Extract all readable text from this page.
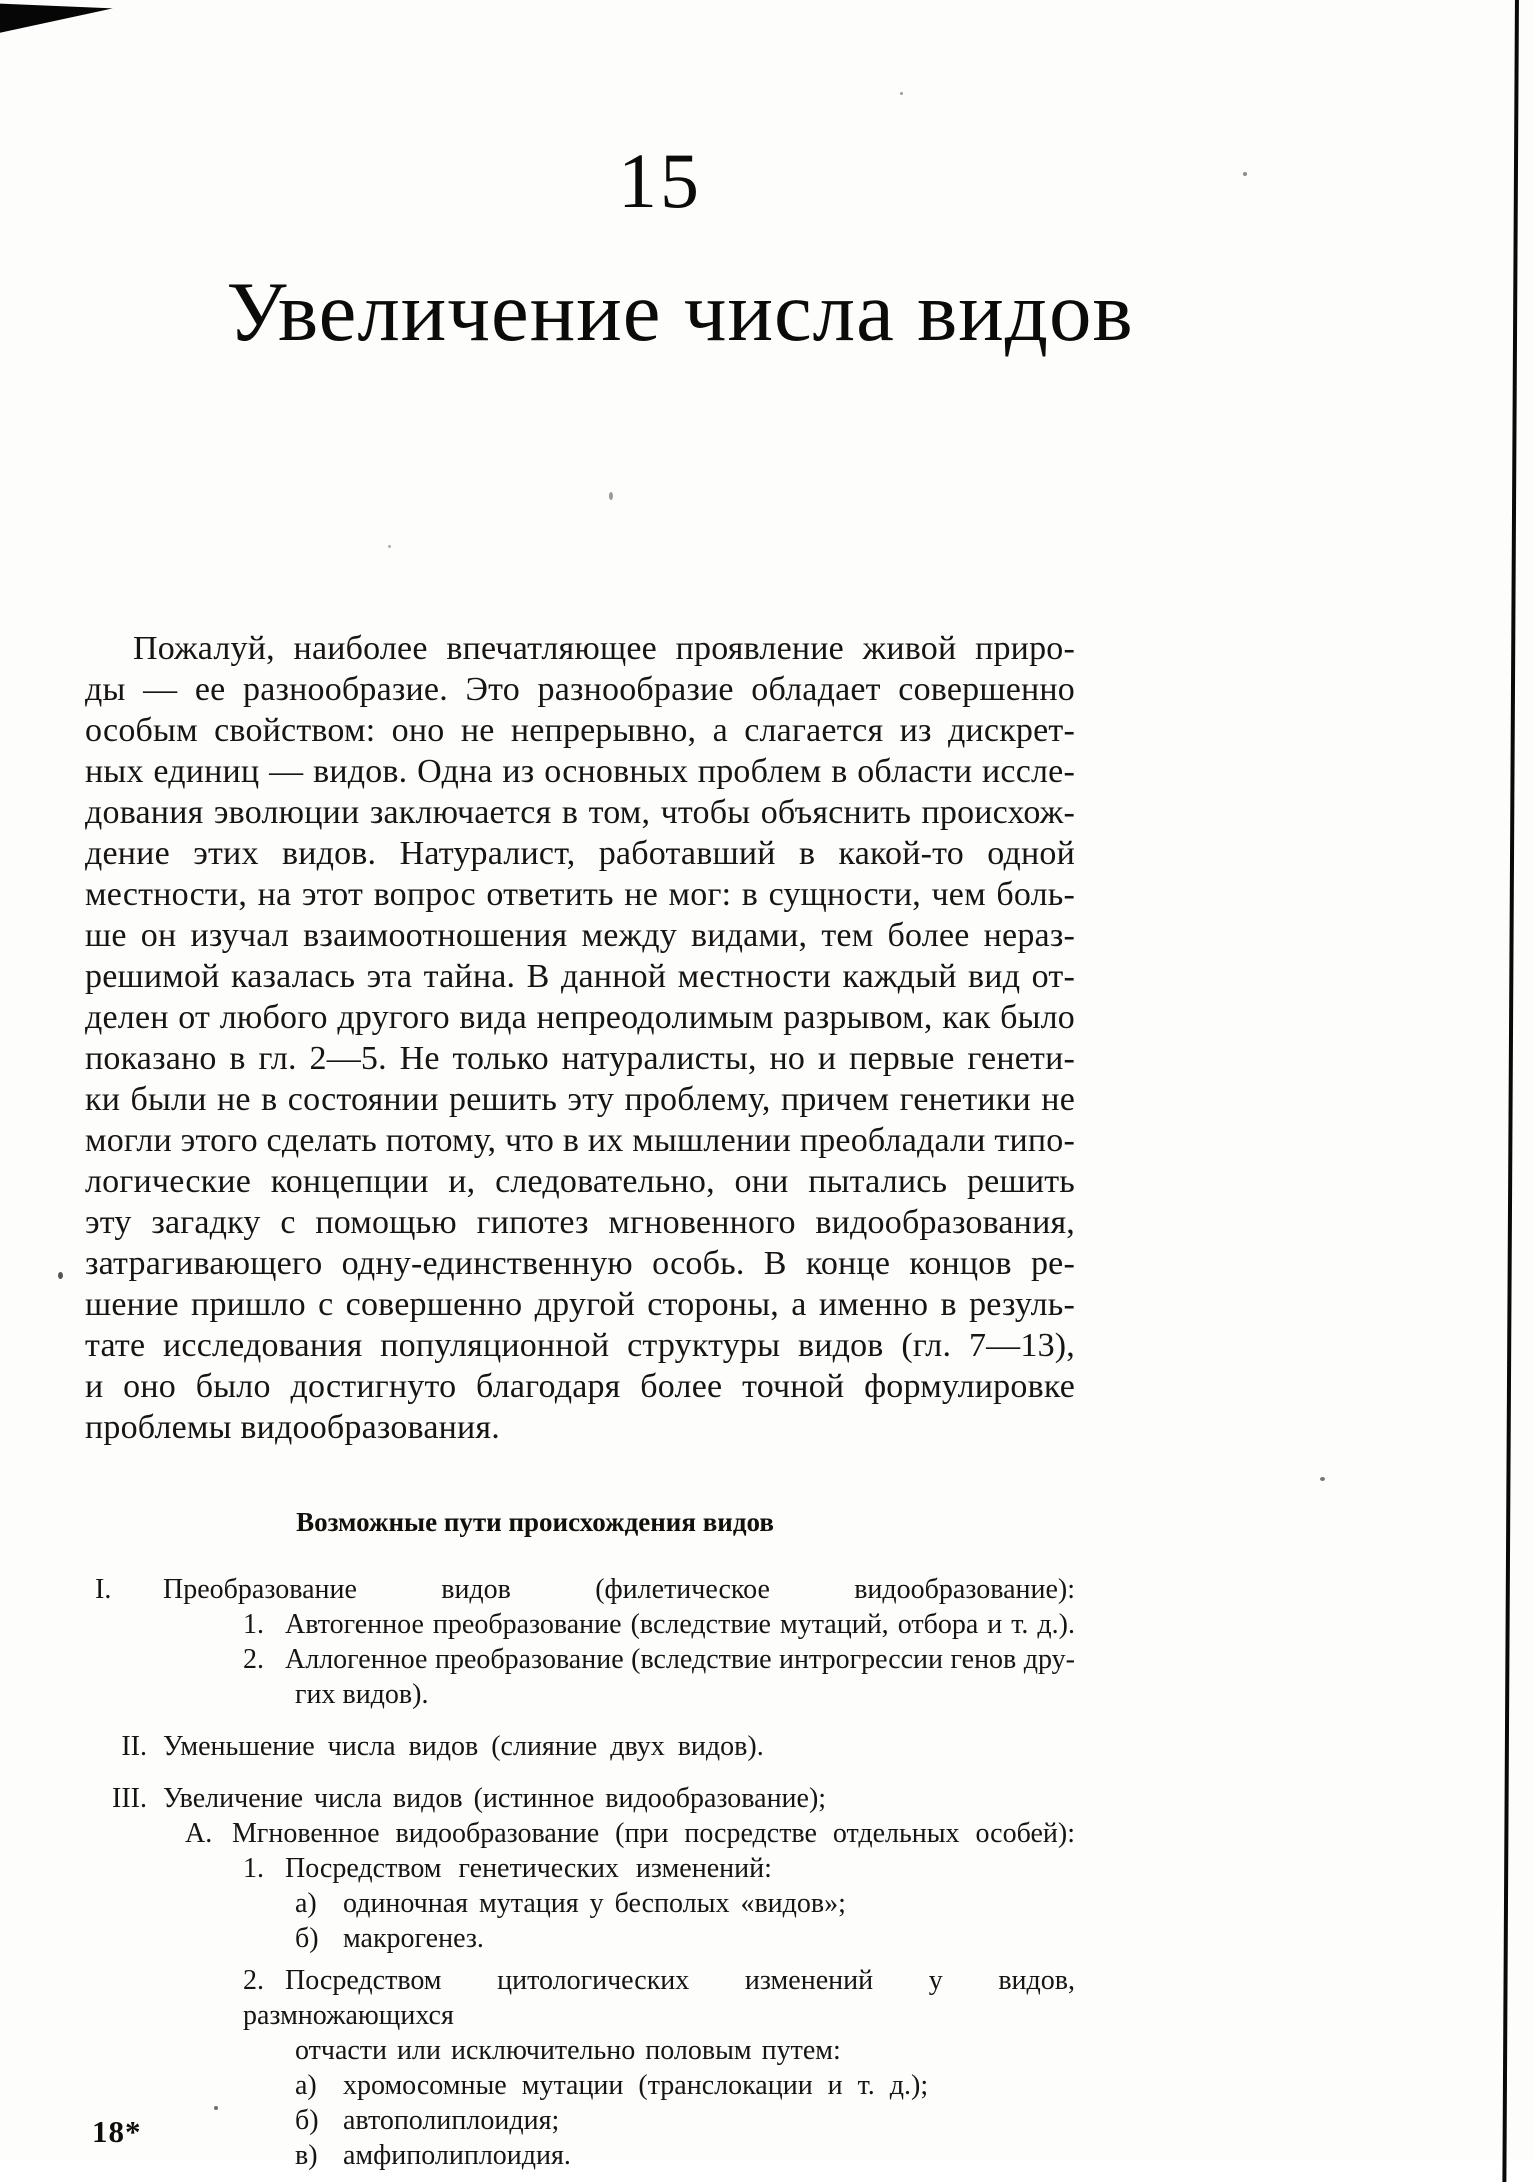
15
Увеличение числа видов
Пожалуй, наиболее впечатляющее проявление живой приро-
ды — ее разнообразие. Это разнообразие обладает совершенно
особым свойством: оно не непрерывно, а слагается из дискрет-
ных единиц — видов. Одна из основных проблем в области иссле-
дования эволюции заключается в том, чтобы объяснить происхож-
дение этих видов. Натуралист, работавший в какой-то одной
местности, на этот вопрос ответить не мог: в сущности, чем боль-
ше он изучал взаимоотношения между видами, тем более нераз-
решимой казалась эта тайна. В данной местности каждый вид от-
делен от любого другого вида непреодолимым разрывом, как было
показано в гл. 2—5. Не только натуралисты, но и первые генети-
ки были не в состоянии решить эту проблему, причем генетики не
могли этого сделать потому, что в их мышлении преобладали типо-
логические концепции и, следовательно, они пытались решить
эту загадку с помощью гипотез мгновенного видообразования,
затрагивающего одну-единственную особь. В конце концов ре-
шение пришло с совершенно другой стороны, а именно в резуль-
тате исследования популяционной структуры видов (гл. 7—13),
и оно было достигнуто благодаря более точной формулировке
проблемы видообразования.
Возможные пути происхождения видов
I. Преобразование видов (филетическое видообразование):
1. Автогенное преобразование (вследствие мутаций, отбора и т. д.).
2. Аллогенное преобразование (вследствие интрогрессии генов дру-
гих видов).
II. Уменьшение числа видов (слияние двух видов).
III. Увеличение числа видов (истинное видообразование);
А. Мгновенное видообразование (при посредстве отдельных особей):
1. Посредством генетических изменений:
а) одиночная мутация у бесполых «видов»;
б) макрогенез.
2. Посредством цитологических изменений у видов, размножающихся
отчасти или исключительно половым путем:
а) хромосомные мутации (транслокации и т. д.);
б) автополиплоидия;
в) амфиполиплоидия.
18*
